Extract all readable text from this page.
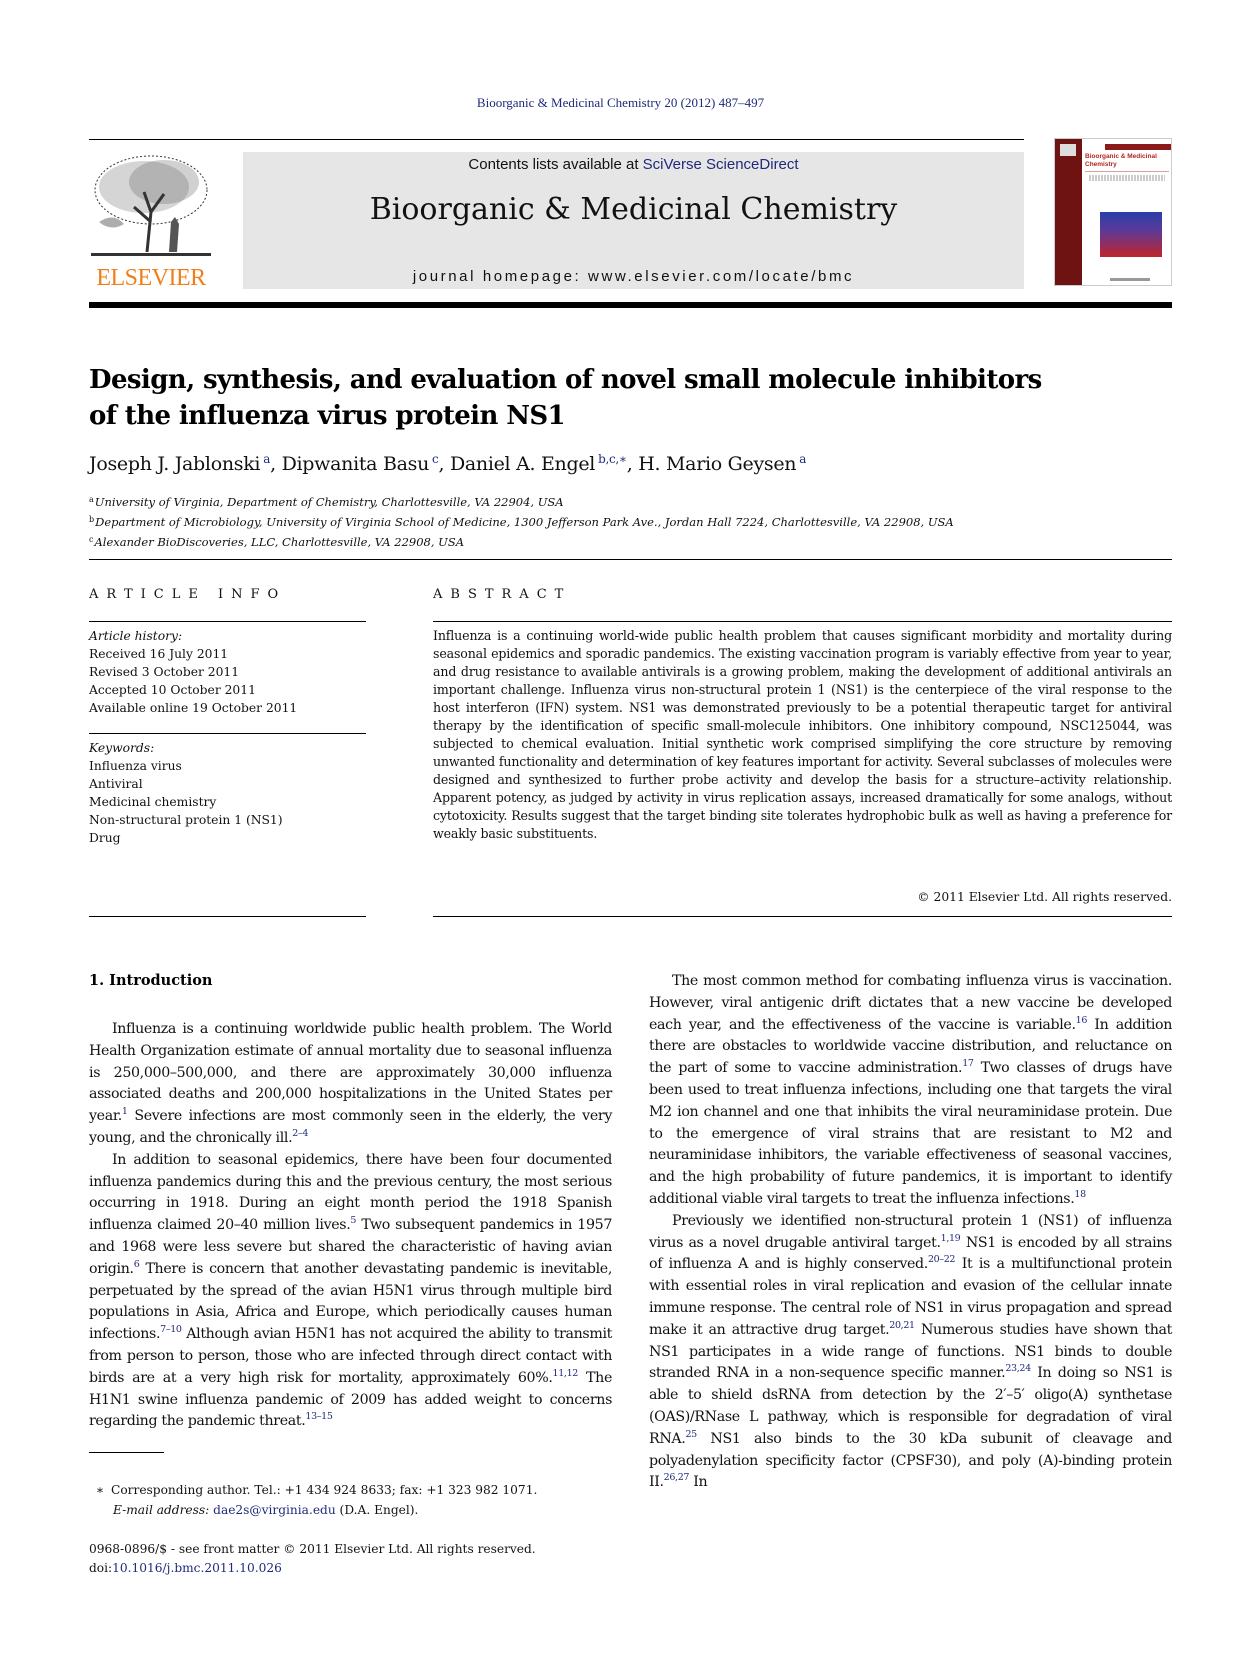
Bioorganic & Medicinal Chemistry 20 (2012) 487–497
ELSEVIER
Contents lists available at SciVerse ScienceDirect
Bioorganic & Medicinal Chemistry
journal homepage: www.elsevier.com/locate/bmc
Bioorganic & Medicinal Chemistry
Design, synthesis, and evaluation of novel small molecule inhibitors
of the influenza virus protein NS1
Joseph J. Jablonski $^a$, Dipwanita Basu $^c$, Daniel A. Engel $^{b,c,∗}$, H. Mario Geysen $^a$
$^a$University of Virginia, Department of Chemistry, Charlottesville, VA 22904, USA
$^b$Department of Microbiology, University of Virginia School of Medicine, 1300 Jefferson Park Ave., Jordan Hall 7224, Charlottesville, VA 22908, USA
$^c$Alexander BioDiscoveries, LLC, Charlottesville, VA 22908, USA
ARTICLE INFO
Article history:
Received 16 July 2011
Revised 3 October 2011
Accepted 10 October 2011
Available online 19 October 2011
Keywords:
Influenza virus
Antiviral
Medicinal chemistry
Non-structural protein 1 (NS1)
Drug
ABSTRACT
Influenza is a continuing world-wide public health problem that causes significant morbidity and mortality during seasonal epidemics and sporadic pandemics. The existing vaccination program is variably effective from year to year, and drug resistance to available antivirals is a growing problem, making the development of additional antivirals an important challenge. Influenza virus non-structural protein 1 (NS1) is the centerpiece of the viral response to the host interferon (IFN) system. NS1 was demonstrated previously to be a potential therapeutic target for antiviral therapy by the identification of specific small-molecule inhibitors. One inhibitory compound, NSC125044, was subjected to chemical evaluation. Initial synthetic work comprised simplifying the core structure by removing unwanted functionality and determination of key features important for activity. Several subclasses of molecules were designed and synthesized to further probe activity and develop the basis for a structure–activity relationship. Apparent potency, as judged by activity in virus replication assays, increased dramatically for some analogs, without cytotoxicity. Results suggest that the target binding site tolerates hydrophobic bulk as well as having a preference for weakly basic substituents.
© 2011 Elsevier Ltd. All rights reserved.
1. Introduction

Influenza is a continuing worldwide public health problem. The World Health Organization estimate of annual mortality due to seasonal influenza is 250,000–500,000, and there are approximately 30,000 influenza associated deaths and 200,000 hospitalizations in the United States per year.$^1$ Severe infections are most commonly seen in the elderly, the very young, and the chronically ill.$^{2-4}$

In addition to seasonal epidemics, there have been four documented influenza pandemics during this and the previous century, the most serious occurring in 1918. During an eight month period the 1918 Spanish influenza claimed 20–40 million lives.$^5$ Two subsequent pandemics in 1957 and 1968 were less severe but shared the characteristic of having avian origin.$^6$ There is concern that another devastating pandemic is inevitable, perpetuated by the spread of the avian H5N1 virus through multiple bird populations in Asia, Africa and Europe, which periodically causes human infections.$^{7-10}$ Although avian H5N1 has not acquired the ability to transmit from person to person, those who are infected through direct contact with birds are at a very high risk for mortality, approximately 60%.$^{11,12}$ The H1N1 swine influenza pandemic of 2009 has added weight to concerns regarding the pandemic threat.$^{13-15}$

The most common method for combating influenza virus is vaccination. However, viral antigenic drift dictates that a new vaccine be developed each year, and the effectiveness of the vaccine is variable.$^{16}$ In addition there are obstacles to worldwide vaccine distribution, and reluctance on the part of some to vaccine administration.$^{17}$ Two classes of drugs have been used to treat influenza infections, including one that targets the viral M2 ion channel and one that inhibits the viral neuraminidase protein. Due to the emergence of viral strains that are resistant to M2 and neuraminidase inhibitors, the variable effectiveness of seasonal vaccines, and the high probability of future pandemics, it is important to identify additional viable viral targets to treat the influenza infections.$^{18}$

Previously we identified non-structural protein 1 (NS1) of influenza virus as a novel drugable antiviral target.$^{1,19}$ NS1 is encoded by all strains of influenza A and is highly conserved.$^{20-22}$ It is a multifunctional protein with essential roles in viral replication and evasion of the cellular innate immune response. The central role of NS1 in virus propagation and spread make it an attractive drug target.$^{20,21}$ Numerous studies have shown that NS1 participates in a wide range of functions. NS1 binds to double stranded RNA in a non-sequence specific manner.$^{23,24}$ In doing so NS1 is able to shield dsRNA from detection by the 2′–5′ oligo(A) synthetase (OAS)/RNase L pathway, which is responsible for degradation of viral RNA.$^{25}$ NS1 also binds to the 30 kDa subunit of cleavage and polyadenylation specificity factor (CPSF30), and poly (A)-binding protein II.$^{26,27}$ In

∗ Corresponding author. Tel.: +1 434 924 8633; fax: +1 323 982 1071.
E-mail address: dae2s@virginia.edu (D.A. Engel).
0968-0896/$ - see front matter © 2011 Elsevier Ltd. All rights reserved.
doi:10.1016/j.bmc.2011.10.026
